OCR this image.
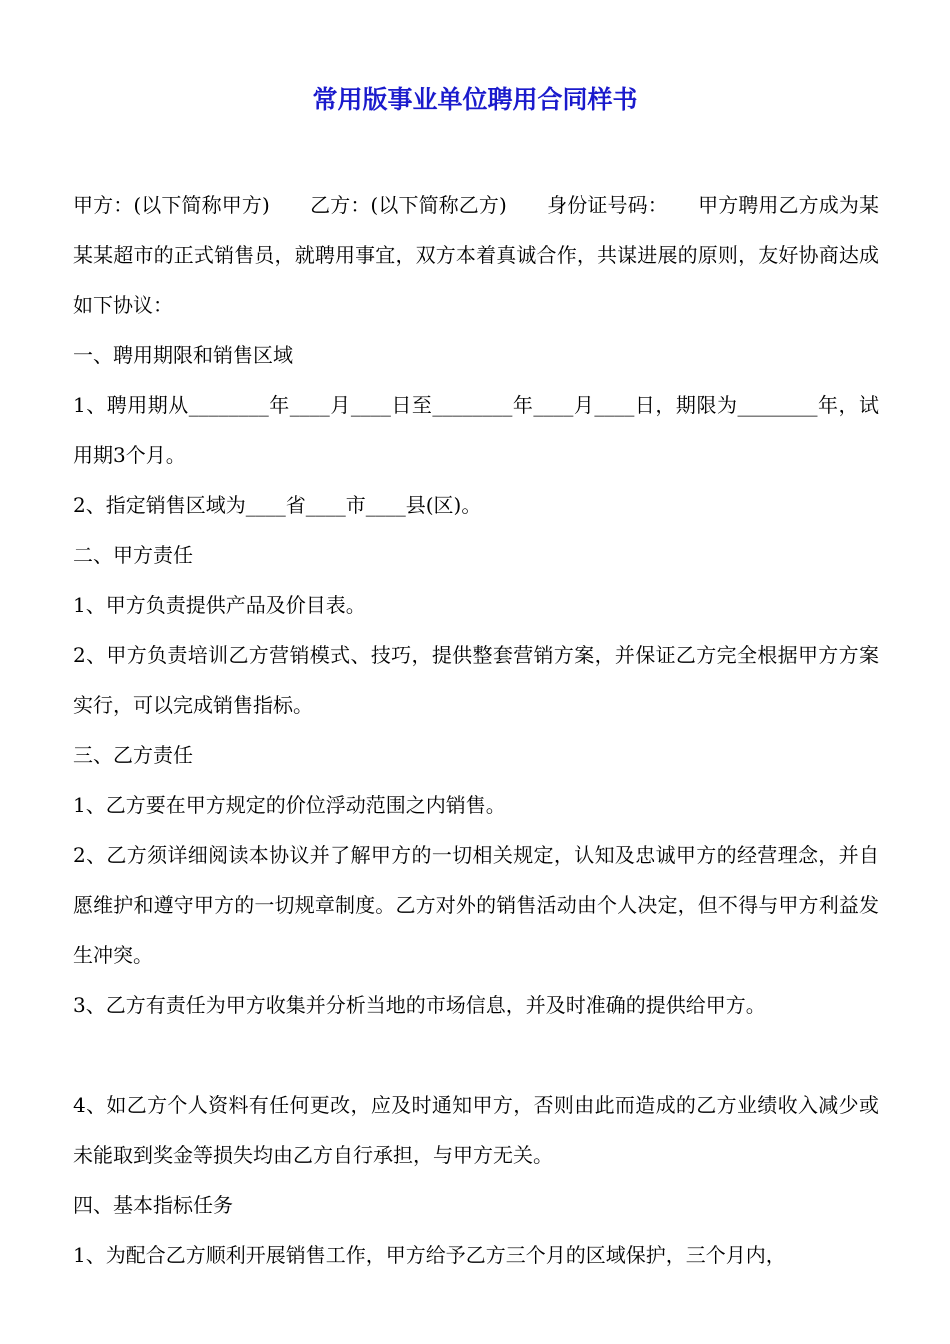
常用版事业单位聘用合同样书

甲方：(以下简称甲方)　　乙方：(以下简称乙方)　　身份证号码：　　甲方聘用乙方成为某某某超市的正式销售员，就聘用事宜，双方本着真诚合作，共谋进展的原则，友好协商达成如下协议：

一、聘用期限和销售区域

1、聘用期从________年____月____日至________年____月____日，期限为________年，试用期3个月。

2、指定销售区域为____省____市____县(区)。

二、甲方责任

1、甲方负责提供产品及价目表。

2、甲方负责培训乙方营销模式、技巧，提供整套营销方案，并保证乙方完全根据甲方方案实行，可以完成销售指标。

三、乙方责任

1、乙方要在甲方规定的价位浮动范围之内销售。

2、乙方须详细阅读本协议并了解甲方的一切相关规定，认知及忠诚甲方的经营理念，并自愿维护和遵守甲方的一切规章制度。乙方对外的销售活动由个人决定，但不得与甲方利益发生冲突。

3、乙方有责任为甲方收集并分析当地的市场信息，并及时准确的提供给甲方。

4、如乙方个人资料有任何更改，应及时通知甲方，否则由此而造成的乙方业绩收入减少或未能取到奖金等损失均由乙方自行承担，与甲方无关。

四、基本指标任务

1、为配合乙方顺利开展销售工作，甲方给予乙方三个月的区域保护，三个月内，
